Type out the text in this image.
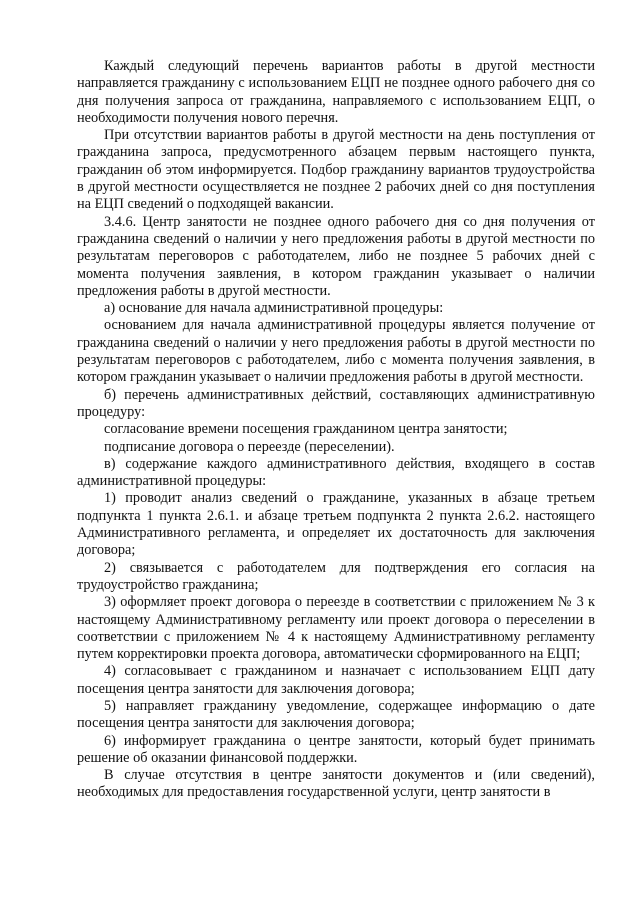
Каждый следующий перечень вариантов работы в другой местности направляется гражданину с использованием ЕЦП не позднее одного рабочего дня со дня получения запроса от гражданина, направляемого с использованием ЕЦП, о необходимости получения нового перечня.

При отсутствии вариантов работы в другой местности на день поступления от гражданина запроса, предусмотренного абзацем первым настоящего пункта, гражданин об этом информируется. Подбор гражданину вариантов трудоустройства в другой местности осуществляется не позднее 2 рабочих дней со дня поступления на ЕЦП сведений о подходящей вакансии.

3.4.6. Центр занятости не позднее одного рабочего дня со дня получения от гражданина сведений о наличии у него предложения работы в другой местности по результатам переговоров с работодателем, либо не позднее 5 рабочих дней с момента получения заявления, в котором гражданин указывает о наличии предложения работы в другой местности.

а) основание для начала административной процедуры:

основанием для начала административной процедуры является получение от гражданина сведений о наличии у него предложения работы в другой местности по результатам переговоров с работодателем, либо с момента получения заявления, в котором гражданин указывает о наличии предложения работы в другой местности.

б) перечень административных действий, составляющих административную процедуру:

согласование времени посещения гражданином центра занятости;

подписание договора о переезде (переселении).

в) содержание каждого административного действия, входящего в состав административной процедуры:

1) проводит анализ сведений о гражданине, указанных в абзаце третьем подпункта 1 пункта 2.6.1. и абзаце третьем подпункта 2 пункта 2.6.2. настоящего Административного регламента, и определяет их достаточность для заключения договора;

2) связывается с работодателем для подтверждения его согласия на трудоустройство гражданина;

3) оформляет проект договора о переезде в соответствии с приложением № 3 к настоящему Административному регламенту или проект договора о переселении в соответствии с приложением № 4 к настоящему Административному регламенту путем корректировки проекта договора, автоматически сформированного на ЕЦП;

4) согласовывает с гражданином и назначает с использованием ЕЦП дату посещения центра занятости для заключения договора;

5) направляет гражданину уведомление, содержащее информацию о дате посещения центра занятости для заключения договора;

6) информирует гражданина о центре занятости, который будет принимать решение об оказании финансовой поддержки.

В случае отсутствия в центре занятости документов и (или сведений), необходимых для предоставления государственной услуги, центр занятости в
